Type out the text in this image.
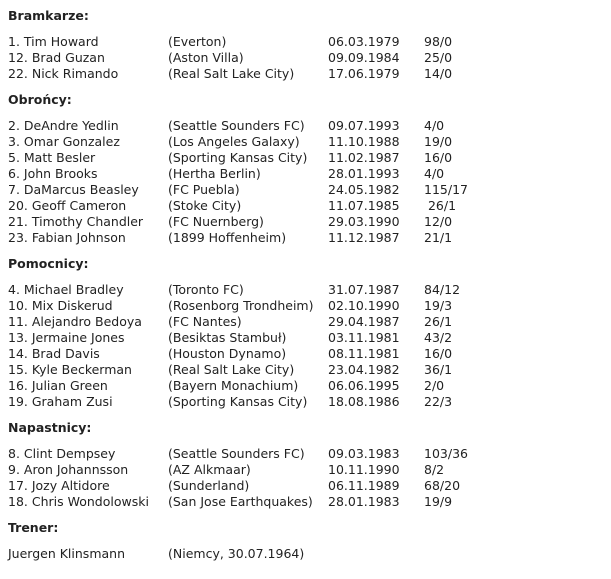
Bramkarze:
1. Tim Howard	(Everton)	06.03.1979 98/0
12. Brad Guzan	(Aston Villa)	09.09.1984 25/0
22. Nick Rimando	(Real Salt Lake City)	17.06.1979 14/0
Obrońcy:
2. DeAndre Yedlin	(Seattle Sounders FC) 09.07.1993 4/0
3. Omar Gonzalez	(Los Angeles Galaxy) 11.10.1988 19/0
5. Matt Besler	(Sporting Kansas City) 11.02.1987 16/0
6. John Brooks	(Hertha Berlin)	28.01.1993 4/0
7. DaMarcus Beasley (FC Puebla)	24.05.1982 115/17
20. Geoff Cameron	(Stoke City)	11.07.1985 26/1
21. Timothy Chandler (FC Nuernberg)	29.03.1990 12/0
23. Fabian Johnson	(1899 Hoffenheim)	11.12.1987 21/1
Pomocnicy:
4. Michael Bradley	(Toronto FC)	31.07.1987 84/12
10. Mix Diskerud	(Rosenborg Trondheim) 02.10.1990 19/3
11. Alejandro Bedoya (FC Nantes)	29.04.1987 26/1
13. Jermaine Jones	(Besiktas Stambuł)	03.11.1981 43/2
14. Brad Davis	(Houston Dynamo)	08.11.1981 16/0
15. Kyle Beckerman	(Real Salt Lake City)	23.04.1982 36/1
16. Julian Green	(Bayern Monachium) 06.06.1995 2/0
19. Graham Zusi	(Sporting Kansas City) 18.08.1986 22/3
Napastnicy:
8. Clint Dempsey	(Seattle Sounders FC) 09.03.1983 103/36
9. Aron Johannsson	(AZ Alkmaar)	10.11.1990 8/2
17. Jozy Altidore	(Sunderland)	06.11.1989 68/20
18. Chris Wondolowski (San Jose Earthquakes) 28.01.1983 19/9
Trener:
Juergen Klinsmann	(Niemcy, 30.07.1964)
